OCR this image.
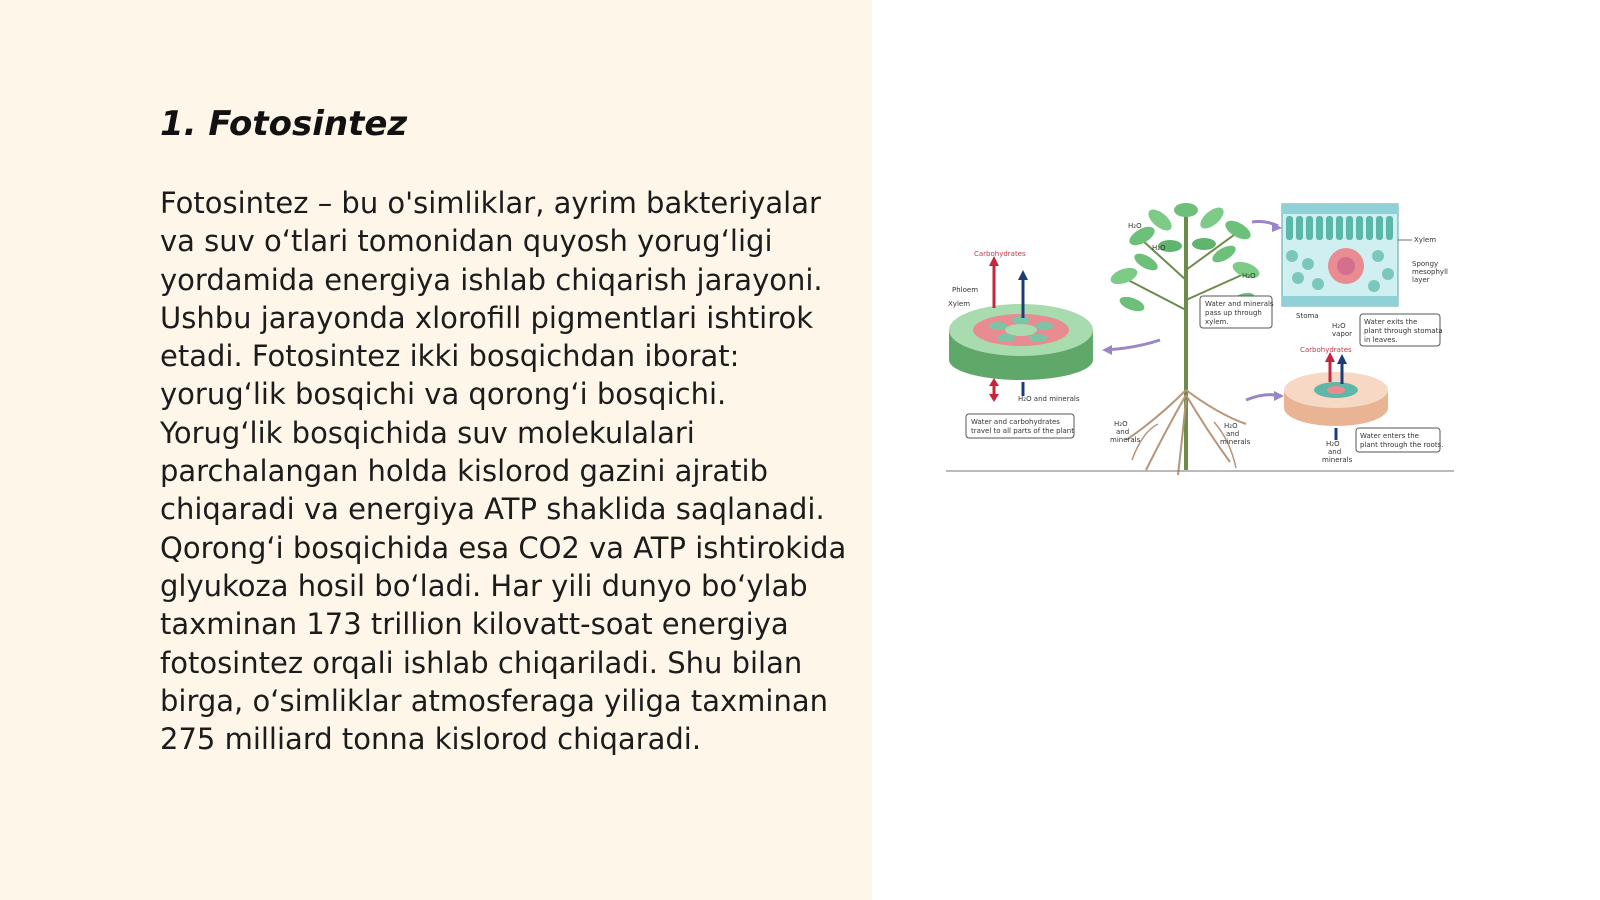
1. Fotosintez

Fotosintez – bu o'simliklar, ayrim bakteriyalar va suv o‘tlari tomonidan quyosh yorug‘ligi yordamida energiya ishlab chiqarish jarayoni. Ushbu jarayonda xlorofill pigmentlari ishtirok etadi. Fotosintez ikki bosqichdan iborat: yorug‘lik bosqichi va qorong‘i bosqichi. Yorug‘lik bosqichida suv molekulalari parchalangan holda kislorod gazini ajratib chiqaradi va energiya ATP shaklida saqlanadi. Qorong‘i bosqichida esa CO2 va ATP ishtirokida glyukoza hosil bo‘ladi. Har yili dunyo bo‘ylab taxminan 173 trillion kilovatt-soat energiya fotosintez orqali ishlab chiqariladi. Shu bilan birga, o‘simliklar atmosferaga yiliga taxminan 275 milliard tonna kislorod chiqaradi.

Carbohydrates
Phloem
Xylem
H₂O and minerals
Water and carbohydrates travel to all parts of the plant
H₂O
H₂O
H₂O
Water and minerals pass up through xylem.
Xylem
Spongy mesophyll layer
Stoma
H₂O vapor
Water exits the plant through stomata in leaves.
Carbohydrates
H₂O and minerals
H₂O and minerals	H₂O and minerals
Water enters the plant through the roots.
